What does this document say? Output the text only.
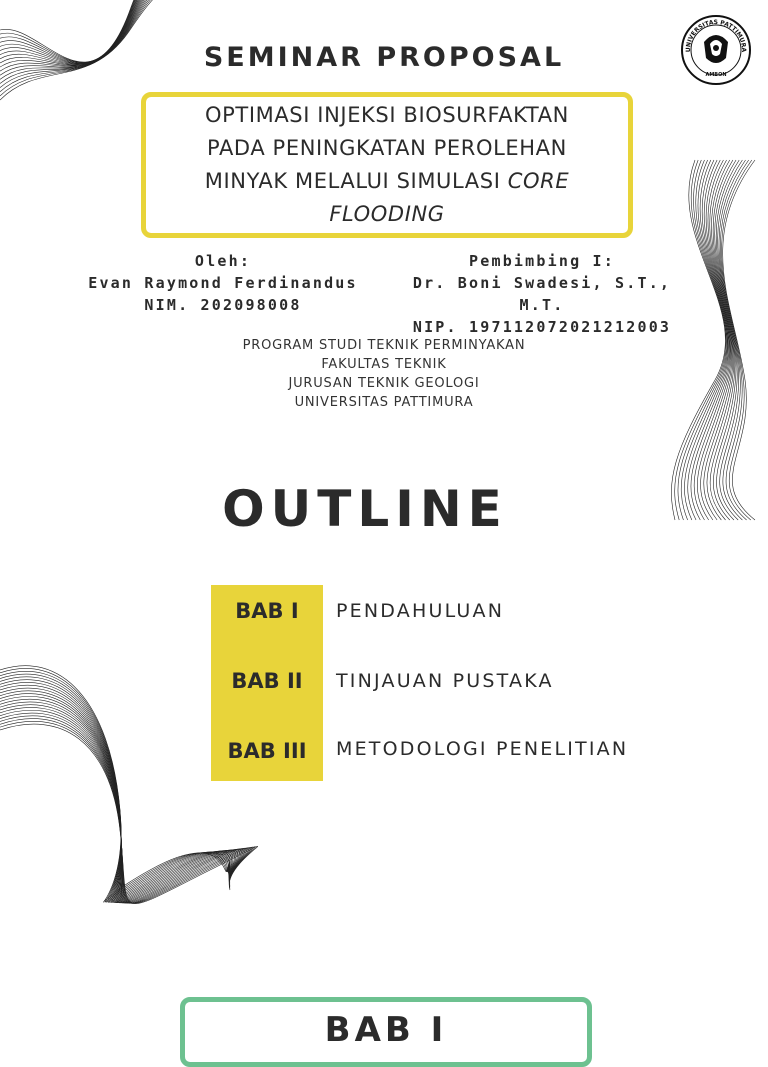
UNIVERSITAS PATTIMURA
AMBON
SEMINAR PROPOSAL
OPTIMASI INJEKSI BIOSURFAKTAN
PADA PENINGKATAN PEROLEHAN
MINYAK MELALUI SIMULASI CORE
FLOODING
Oleh:
Evan Raymond Ferdinandus
NIM. 202098008
Pembimbing I:
Dr. Boni Swadesi, S.T., M.T.
NIP. 197112072021212003
PROGRAM STUDI TEKNIK PERMINYAKAN
FAKULTAS TEKNIK
JURUSAN TEKNIK GEOLOGI
UNIVERSITAS PATTIMURA
OUTLINE
BAB I
BAB II
BAB III
PENDAHULUAN
TINJAUAN PUSTAKA
METODOLOGI PENELITIAN
BAB I
